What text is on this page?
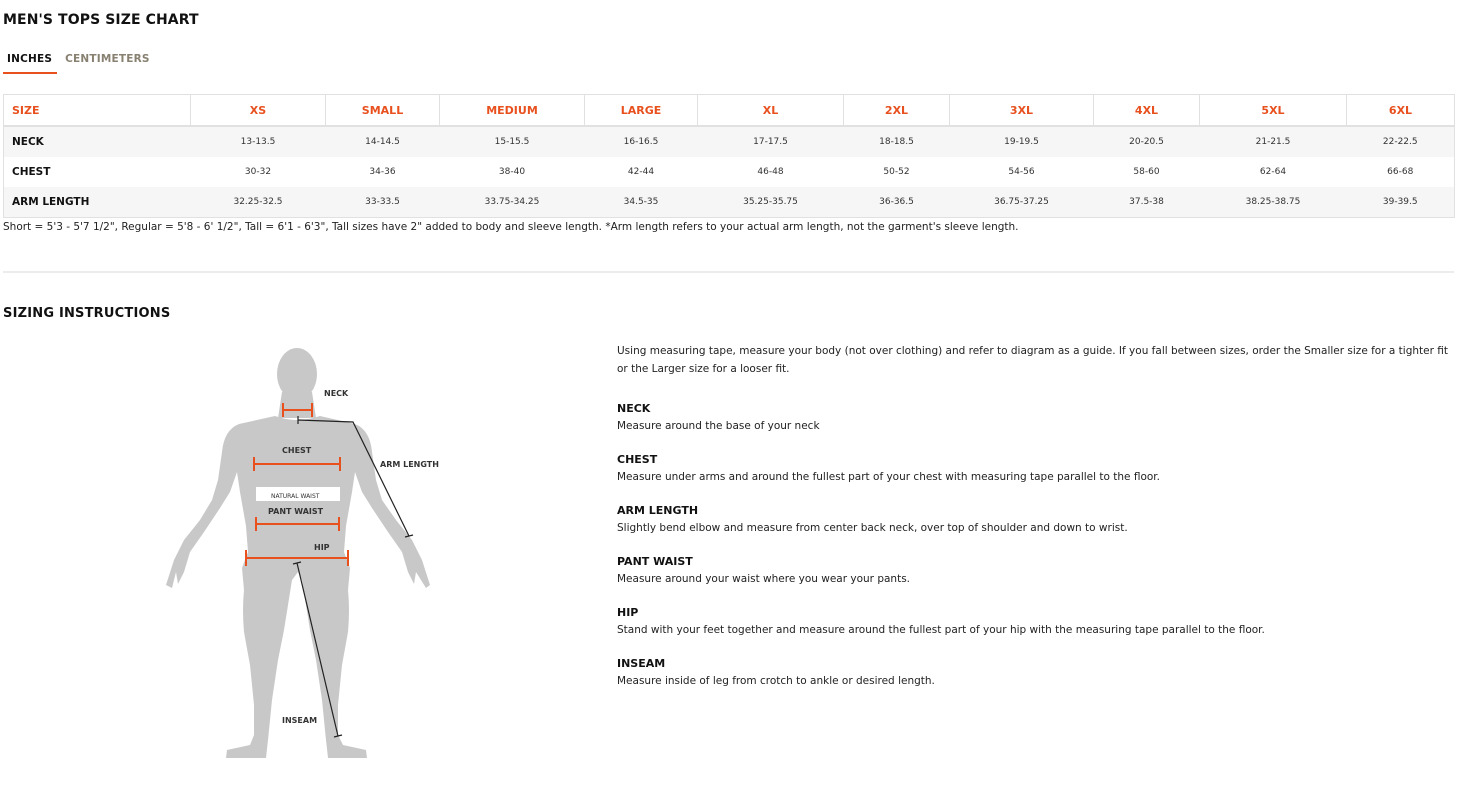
MEN'S TOPS SIZE CHART
INCHES	CENTIMETERS
SIZE	XS	SMALL	MEDIUM	LARGE	XL	2XL	3XL	4XL	5XL	6XL
NECK	13-13.5	14-14.5	15-15.5	16-16.5	17-17.5	18-18.5	19-19.5	20-20.5	21-21.5	22-22.5
CHEST	30-32	34-36	38-40	42-44	46-48	50-52	54-56	58-60	62-64	66-68
ARM LENGTH	32.25-32.5	33-33.5	33.75-34.25	34.5-35	35.25-35.75	36-36.5	36.75-37.25	37.5-38	38.25-38.75	39-39.5
Short = 5'3 - 5'7 1/2", Regular = 5'8 - 6' 1/2", Tall = 6'1 - 6'3", Tall sizes have 2" added to body and sleeve length. *Arm length refers to your actual arm length, not the garment's sleeve length.
SIZING INSTRUCTIONS
NECK
CHEST
ARM LENGTH
NATURAL WAIST
PANT WAIST
HIP
INSEAM

Using measuring tape, measure your body (not over clothing) and refer to diagram as a guide. If you fall between sizes, order the Smaller size for a tighter fit or the Larger size for a looser fit.

NECK
Measure around the base of your neck
CHEST
Measure under arms and around the fullest part of your chest with measuring tape parallel to the floor.
ARM LENGTH
Slightly bend elbow and measure from center back neck, over top of shoulder and down to wrist.
PANT WAIST
Measure around your waist where you wear your pants.
HIP
Stand with your feet together and measure around the fullest part of your hip with the measuring tape parallel to the floor.
INSEAM
Measure inside of leg from crotch to ankle or desired length.
